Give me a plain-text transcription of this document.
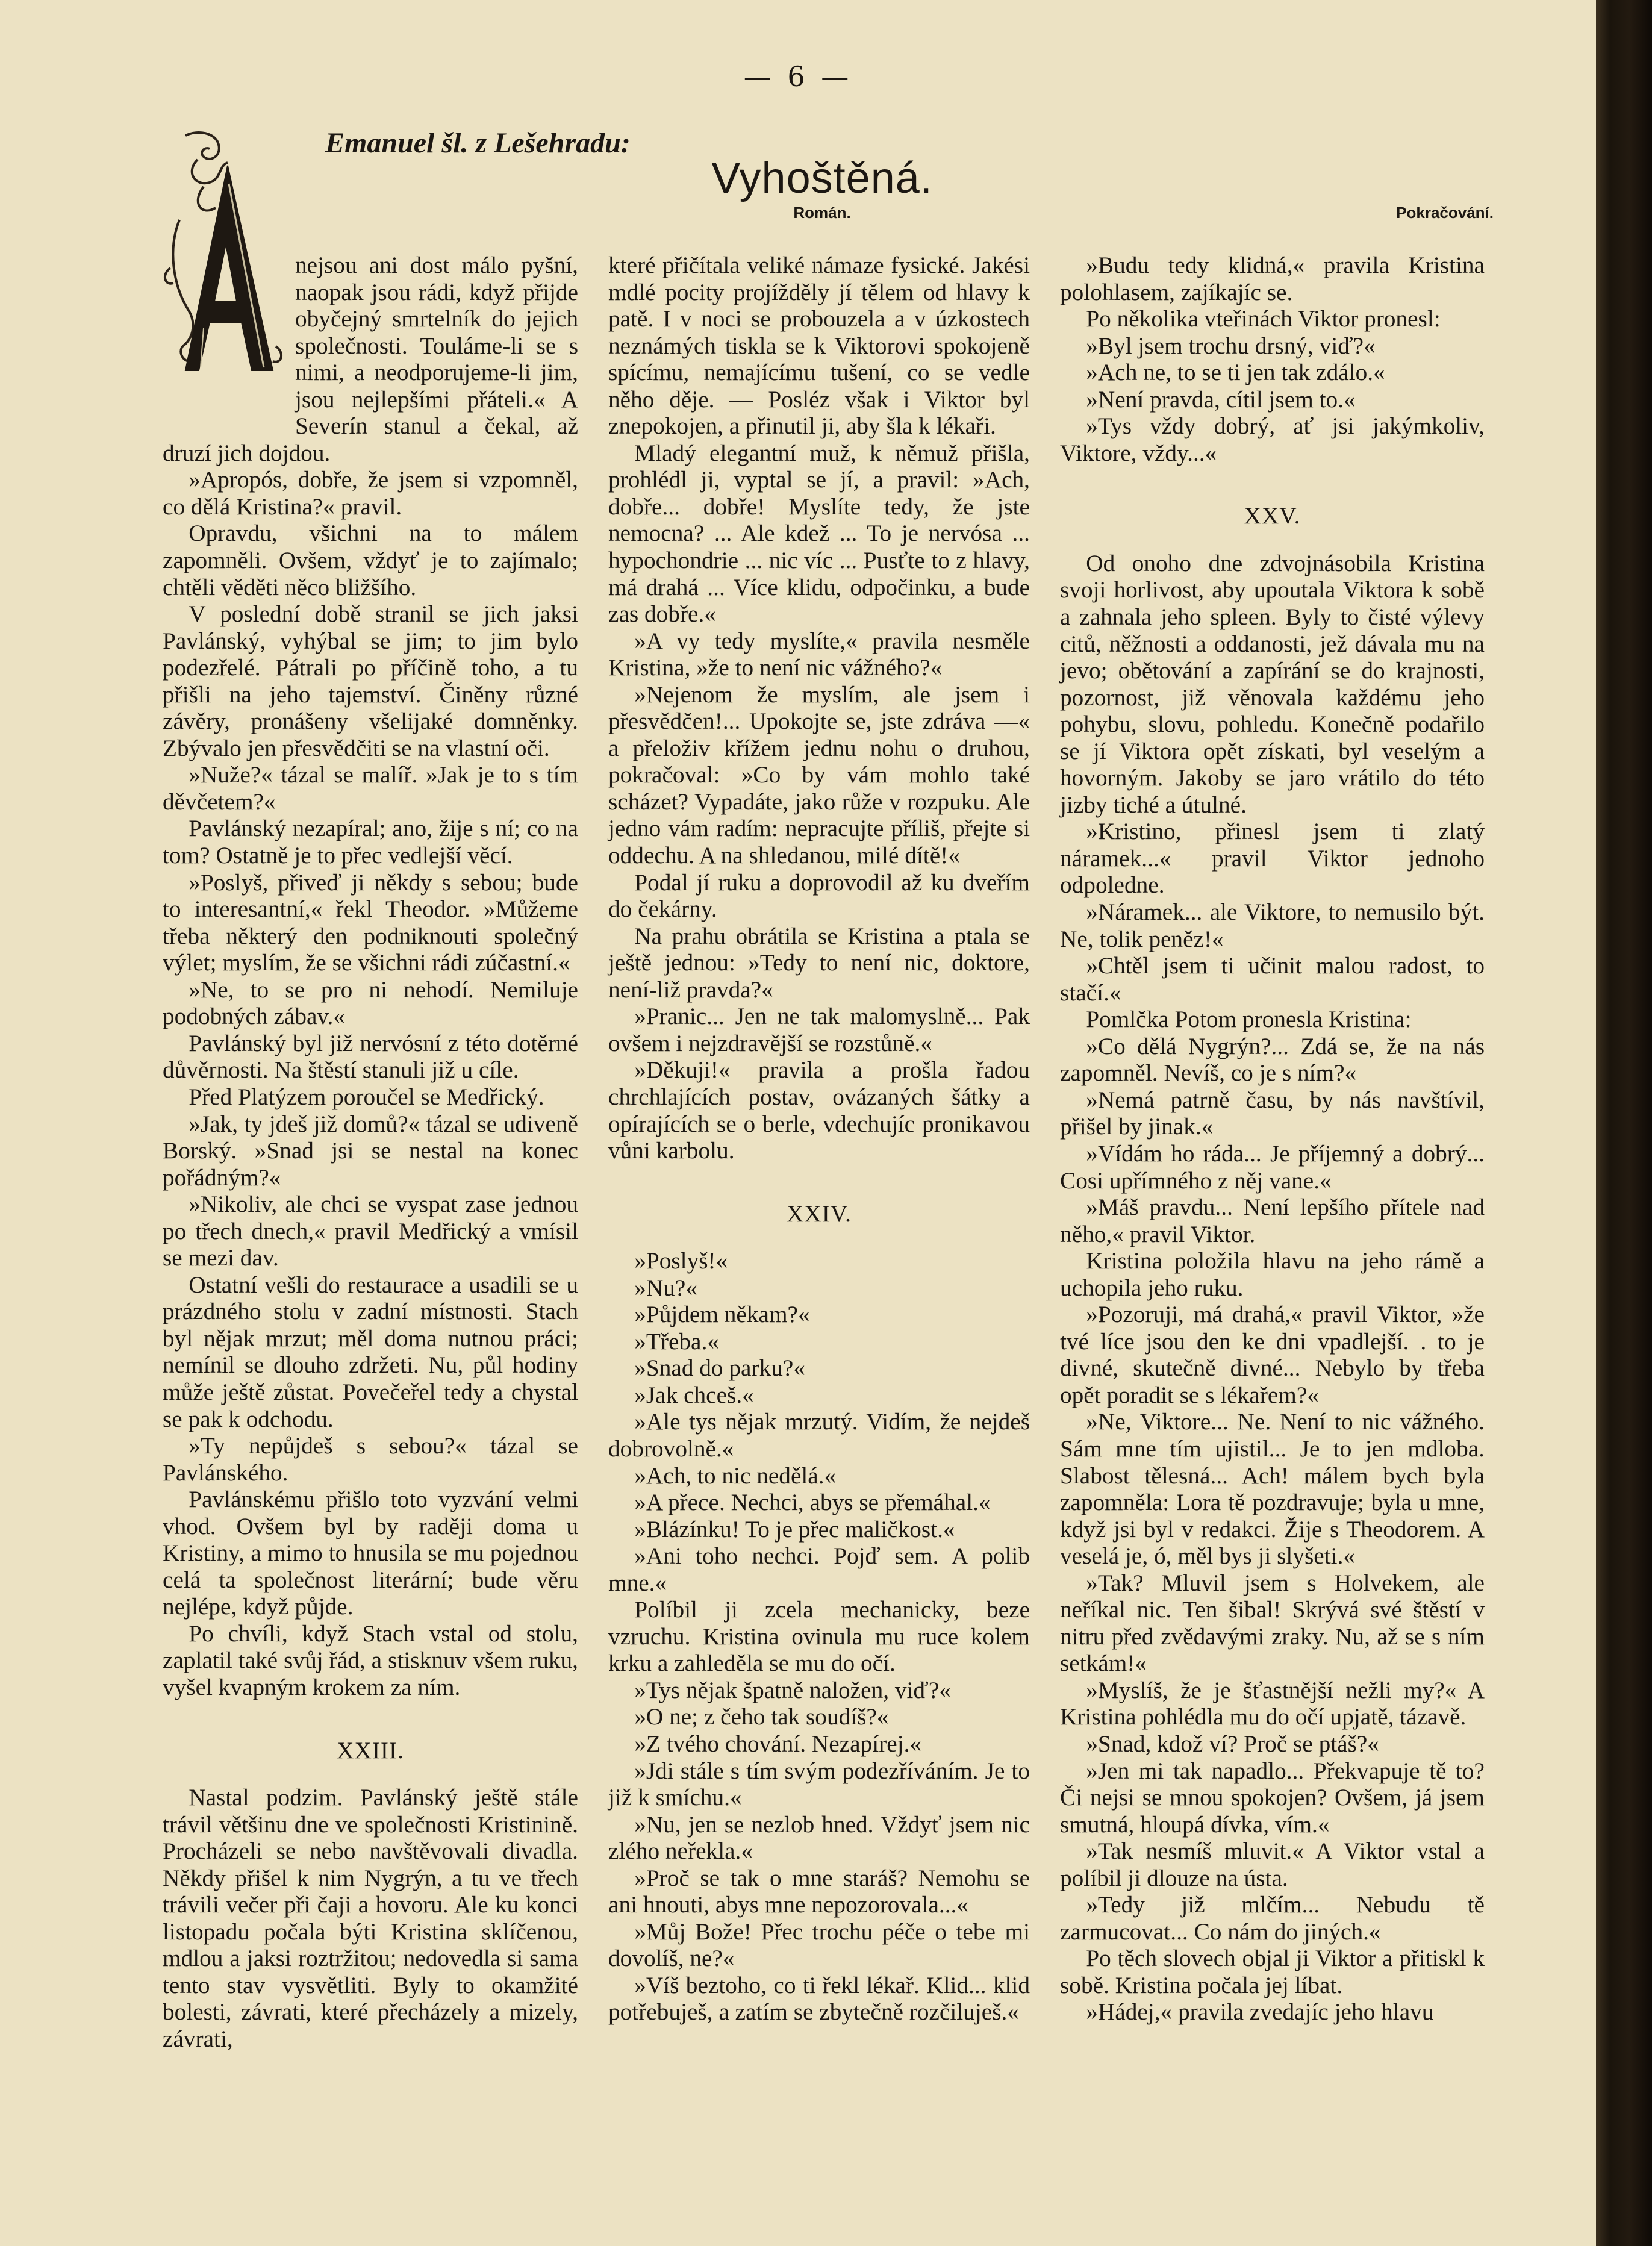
— 6 —
Emanuel šl. z Lešehradu:
Vyhoštěná.
Román.	Pokračování.

nejsou ani dost málo pyšní, naopak jsou rádi, když přijde obyčejný smrtelník do jejich společnosti. Touláme-li se s nimi, a neodporujeme-li jim, jsou nejlepšími přáteli.« A Severín stanul a čekal, až druzí jich dojdou.

»Apropós, dobře, že jsem si vzpomněl, co dělá Kristina?« pravil.

Opravdu, všichni na to málem zapomněli. Ovšem, vždyť je to zajímalo; chtěli věděti něco bližšího.

V poslední době stranil se jich jaksi Pavlánský, vyhýbal se jim; to jim bylo podezřelé. Pátrali po příčině toho, a tu přišli na jeho tajemství. Činěny různé závěry, pronášeny všelijaké domněnky. Zbývalo jen přesvědčiti se na vlastní oči.

»Nuže?« tázal se malíř. »Jak je to s tím děvčetem?«

Pavlánský nezapíral; ano, žije s ní; co na tom? Ostatně je to přec vedlejší věcí.

»Poslyš, přiveď ji někdy s sebou; bude to interesantní,« řekl Theodor. »Můžeme třeba některý den podniknouti společný výlet; myslím, že se všichni rádi zúčastní.«

»Ne, to se pro ni nehodí. Nemiluje podobných zábav.«

Pavlánský byl již nervósní z této dotěrné důvěrnosti. Na štěstí stanuli již u cíle.

Před Platýzem poroučel se Medřický.

»Jak, ty jdeš již domů?« tázal se udiveně Borský. »Snad jsi se nestal na konec pořádným?«

»Nikoliv, ale chci se vyspat zase jednou po třech dnech,« pravil Medřický a vmísil se mezi dav.

Ostatní vešli do restaurace a usadili se u prázdného stolu v zadní místnosti. Stach byl nějak mrzut; měl doma nutnou práci; nemínil se dlouho zdržeti. Nu, půl hodiny může ještě zůstat. Povečeřel tedy a chystal se pak k odchodu.

»Ty nepůjdeš s sebou?« tázal se Pavlánského.

Pavlánskému přišlo toto vyzvání velmi vhod. Ovšem byl by raději doma u Kristiny, a mimo to hnusila se mu pojednou celá ta společnost literární; bude věru nejlépe, když půjde.

Po chvíli, když Stach vstal od stolu, zaplatil také svůj řád, a stisknuv všem ruku, vyšel kvapným krokem za ním.

XXIII.

Nastal podzim. Pavlánský ještě stále trávil většinu dne ve společnosti Kristinině. Procházeli se nebo navštěvovali divadla. Někdy přišel k nim Nygrýn, a tu ve třech trávili večer při čaji a hovoru. Ale ku konci listopadu počala býti Kristina sklíčenou, mdlou a jaksi roztržitou; nedovedla si sama tento stav vysvětliti. Byly to okamžité bolesti, závrati, které přecházely a mizely, závrati,

které přičítala veliké námaze fysické. Jakési mdlé pocity projížděly jí tělem od hlavy k patě. I v noci se probouzela a v úzkostech neznámých tiskla se k Viktorovi spokojeně spícímu, nemajícímu tušení, co se vedle něho děje. — Posléz však i Viktor byl znepokojen, a přinutil ji, aby šla k lékaři.

Mladý elegantní muž, k němuž přišla, prohlédl ji, vyptal se jí, a pravil: »Ach, dobře... dobře! Myslíte tedy, že jste nemocna? ... Ale kdež ... To je nervósa ... hypochondrie ... nic víc ... Pusťte to z hlavy, má drahá ... Více klidu, odpočinku, a bude zas dobře.«

»A vy tedy myslíte,« pravila nesměle Kristina, »že to není nic vážného?«

»Nejenom že myslím, ale jsem i přesvědčen!... Upokojte se, jste zdráva —« a přeloživ křížem jednu nohu o druhou, pokračoval: »Co by vám mohlo také scházet? Vypadáte, jako růže v rozpuku. Ale jedno vám radím: nepracujte příliš, přejte si oddechu. A na shledanou, milé dítě!«

Podal jí ruku a doprovodil až ku dveřím do čekárny.

Na prahu obrátila se Kristina a ptala se ještě jednou: »Tedy to není nic, doktore, není-liž pravda?«

»Pranic... Jen ne tak malomyslně... Pak ovšem i nejzdravější se rozstůně.«

»Děkuji!« pravila a prošla řadou chrchlajících postav, ovázaných šátky a opírajících se o berle, vdechujíc pronikavou vůni karbolu.

XXIV.

»Poslyš!«

»Nu?«

»Půjdem někam?«

»Třeba.«

»Snad do parku?«

»Jak chceš.«

»Ale tys nějak mrzutý. Vidím, že nejdeš dobrovolně.«

»Ach, to nic nedělá.«

»A přece. Nechci, abys se přemáhal.«

»Blázínku! To je přec maličkost.«

»Ani toho nechci. Pojď sem. A polib mne.«

Políbil ji zcela mechanicky, beze vzruchu. Kristina ovinula mu ruce kolem krku a zahleděla se mu do očí.

»Tys nějak špatně naložen, viď?«

»O ne; z čeho tak soudíš?«

»Z tvého chování. Nezapírej.«

»Jdi stále s tím svým podezříváním. Je to již k smíchu.«

»Nu, jen se nezlob hned. Vždyť jsem nic zlého neřekla.«

»Proč se tak o mne staráš? Nemohu se ani hnouti, abys mne nepozorovala...«

»Můj Bože! Přec trochu péče o tebe mi dovolíš, ne?«

»Víš beztoho, co ti řekl lékař. Klid... klid potřebuješ, a zatím se zbytečně rozčiluješ.«

»Budu tedy klidná,« pravila Kristina polohlasem, zajíkajíc se.

Po několika vteřinách Viktor pronesl:

»Byl jsem trochu drsný, viď?«

»Ach ne, to se ti jen tak zdálo.«

»Není pravda, cítil jsem to.«

»Tys vždy dobrý, ať jsi jakýmkoliv, Viktore, vždy...«

XXV.

Od onoho dne zdvojnásobila Kristina svoji horlivost, aby upoutala Viktora k sobě a zahnala jeho spleen. Byly to čisté výlevy citů, něžnosti a oddanosti, jež dávala mu na jevo; obětování a zapírání se do krajnosti, pozornost, již věnovala každému jeho pohybu, slovu, pohledu. Konečně podařilo se jí Viktora opět získati, byl veselým a hovorným. Jakoby se jaro vrátilo do této jizby tiché a útulné.

»Kristino, přinesl jsem ti zlatý náramek...« pravil Viktor jednoho odpoledne.

»Náramek... ale Viktore, to nemusilo být. Ne, tolik peněz!«

»Chtěl jsem ti učinit malou radost, to stačí.«

Pomlčka Potom pronesla Kristina:

»Co dělá Nygrýn?... Zdá se, že na nás zapomněl. Nevíš, co je s ním?«

»Nemá patrně času, by nás navštívil, přišel by jinak.«

»Vídám ho ráda... Je příjemný a dobrý... Cosi upřímného z něj vane.«

»Máš pravdu... Není lepšího přítele nad něho,« pravil Viktor.

Kristina položila hlavu na jeho rámě a uchopila jeho ruku.

»Pozoruji, má drahá,« pravil Viktor, »že tvé líce jsou den ke dni vpadlejší. . to je divné, skutečně divné... Nebylo by třeba opět poradit se s lékařem?«

»Ne, Viktore... Ne. Není to nic vážného. Sám mne tím ujistil... Je to jen mdloba. Slabost tělesná... Ach! málem bych byla zapomněla: Lora tě pozdravuje; byla u mne, když jsi byl v redakci. Žije s Theodorem. A veselá je, ó, měl bys ji slyšeti.«

»Tak? Mluvil jsem s Holvekem, ale neříkal nic. Ten šibal! Skrývá své štěstí v nitru před zvědavými zraky. Nu, až se s ním setkám!«

»Myslíš, že je šťastnější nežli my?« A Kristina pohlédla mu do očí upjatě, tázavě.

»Snad, kdož ví? Proč se ptáš?«

»Jen mi tak napadlo... Překvapuje tě to? Či nejsi se mnou spokojen? Ovšem, já jsem smutná, hloupá dívka, vím.«

»Tak nesmíš mluvit.« A Viktor vstal a políbil ji dlouze na ústa.

»Tedy již mlčím... Nebudu tě zarmucovat... Co nám do jiných.«

Po těch slovech objal ji Viktor a přitiskl k sobě. Kristina počala jej líbat.

»Hádej,« pravila zvedajíc jeho hlavu
